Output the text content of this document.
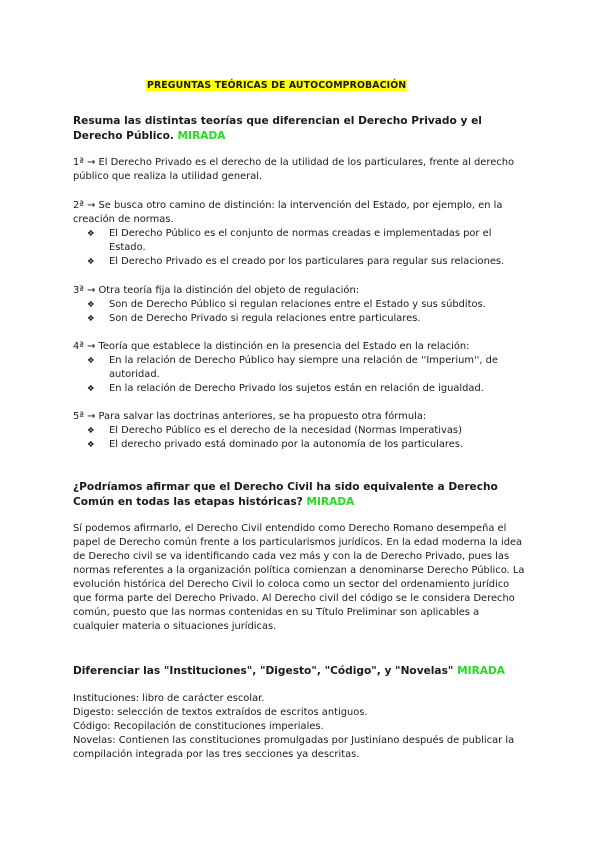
PREGUNTAS TEÓRICAS DE AUTOCOMPROBACIÓN
Resuma las distintas teorías que diferencian el Derecho Privado y el Derecho Público. MIRADA
1ª → El Derecho Privado es el derecho de la utilidad de los particulares, frente al derecho público que realiza la utilidad general.
2ª → Se busca otro camino de distinción: la intervención del Estado, por ejemplo, en la creación de normas.
❖	El Derecho Público es el conjunto de normas creadas e implementadas por el Estado.
❖	El Derecho Privado es el creado por los particulares para regular sus relaciones.
3ª → Otra teoría fija la distinción del objeto de regulación:
❖	Son de Derecho Público si regulan relaciones entre el Estado y sus súbditos.
❖	Son de Derecho Privado si regula relaciones entre particulares.
4ª → Teoría que establece la distinción en la presencia del Estado en la relación:
❖	En la relación de Derecho Público hay siempre una relación de ''Imperium'', de autoridad.
❖	En la relación de Derecho Privado los sujetos están en relación de igualdad.
5ª → Para salvar las doctrinas anteriores, se ha propuesto otra fórmula:
❖	El Derecho Público es el derecho de la necesidad (Normas Imperativas)
❖	El derecho privado está dominado por la autonomía de los particulares.
¿Podríamos afirmar que el Derecho Civil ha sido equivalente a Derecho Común en todas las etapas históricas? MIRADA
Sí podemos afirmarlo, el Derecho Civil entendido como Derecho Romano desempeña el papel de Derecho común frente a los particularismos jurídicos. En la edad moderna la idea de Derecho civil se va identificando cada vez más y con la de Derecho Privado, pues las normas referentes a la organización política comienzan a denominarse Derecho Público. La evolución histórica del Derecho Civil lo coloca como un sector del ordenamiento jurídico que forma parte del Derecho Privado. Al Derecho civil del código se le considera Derecho común, puesto que las normas contenidas en su Título Preliminar son aplicables a cualquier materia o situaciones jurídicas.
Diferenciar las "Instituciones", "Digesto", "Código", y "Novelas" MIRADA
Instituciones: libro de carácter escolar.
Digesto: selección de textos extraídos de escritos antiguos.
Código: Recopilación de constituciones imperiales.
Novelas: Contienen las constituciones promulgadas por Justiniano después de publicar la compilación integrada por las tres secciones ya descritas.
